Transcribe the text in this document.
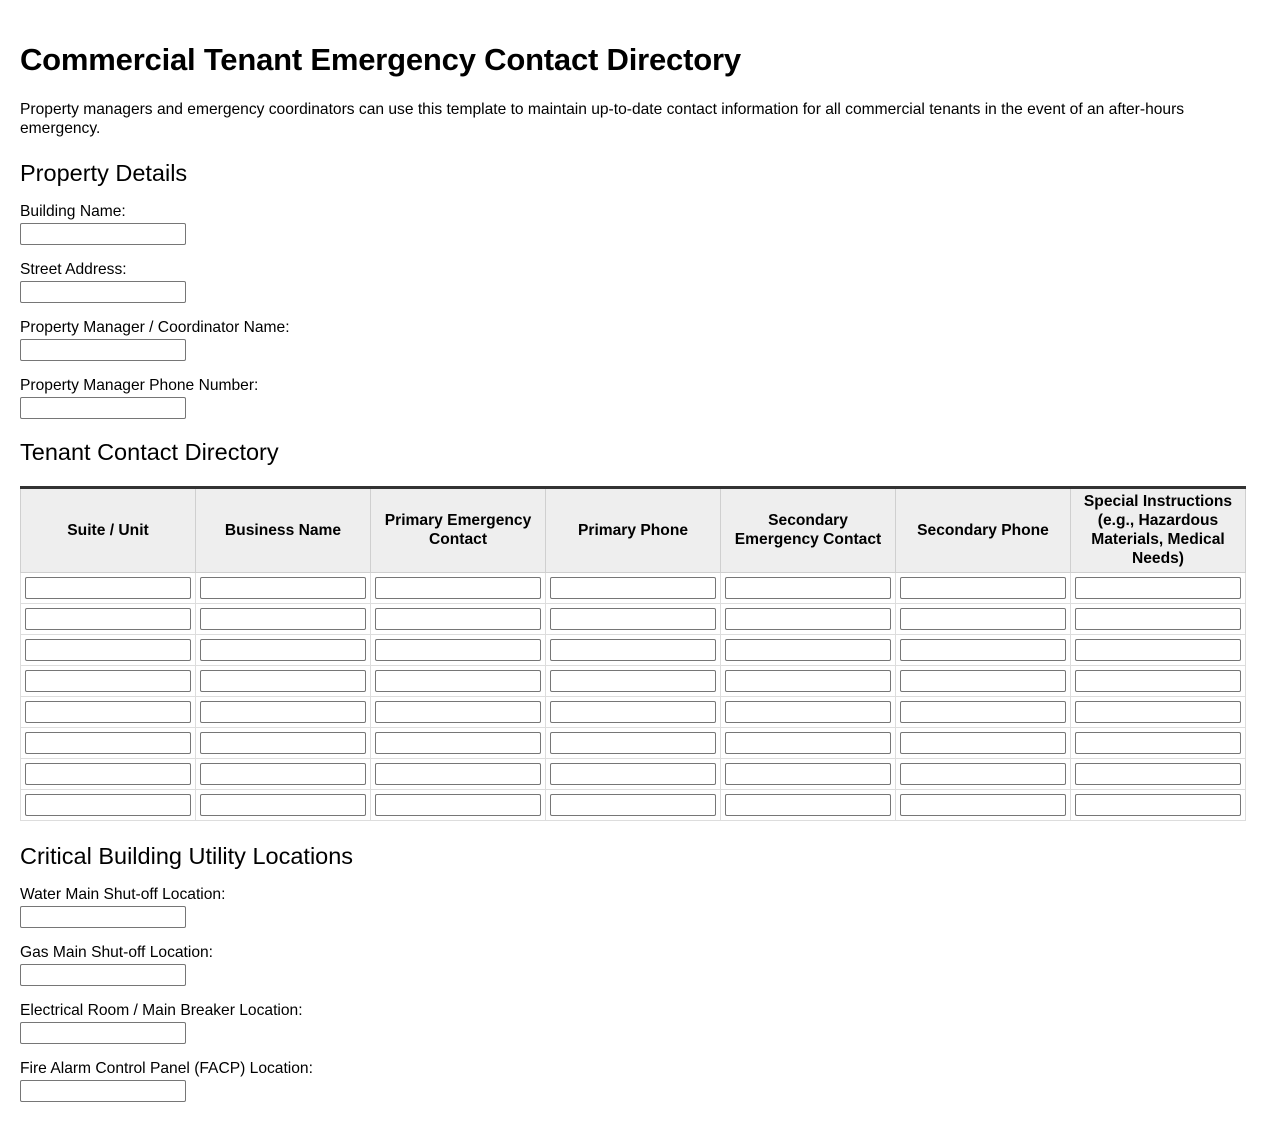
Commercial Tenant Emergency Contact Directory

Property managers and emergency coordinators can use this template to maintain up-to-date contact information for all commercial tenants in the event of an after-hours emergency.

Property Details
Building Name:
Street Address:
Property Manager / Coordinator Name:
Property Manager Phone Number:
Tenant Contact Directory
Suite / Unit	Business Name	Primary Emergency Contact	Primary Phone	Secondary Emergency Contact	Secondary Phone	Special Instructions (e.g., Hazardous Materials, Medical Needs)

Critical Building Utility Locations
Water Main Shut-off Location:
Gas Main Shut-off Location:
Electrical Room / Main Breaker Location:
Fire Alarm Control Panel (FACP) Location:
